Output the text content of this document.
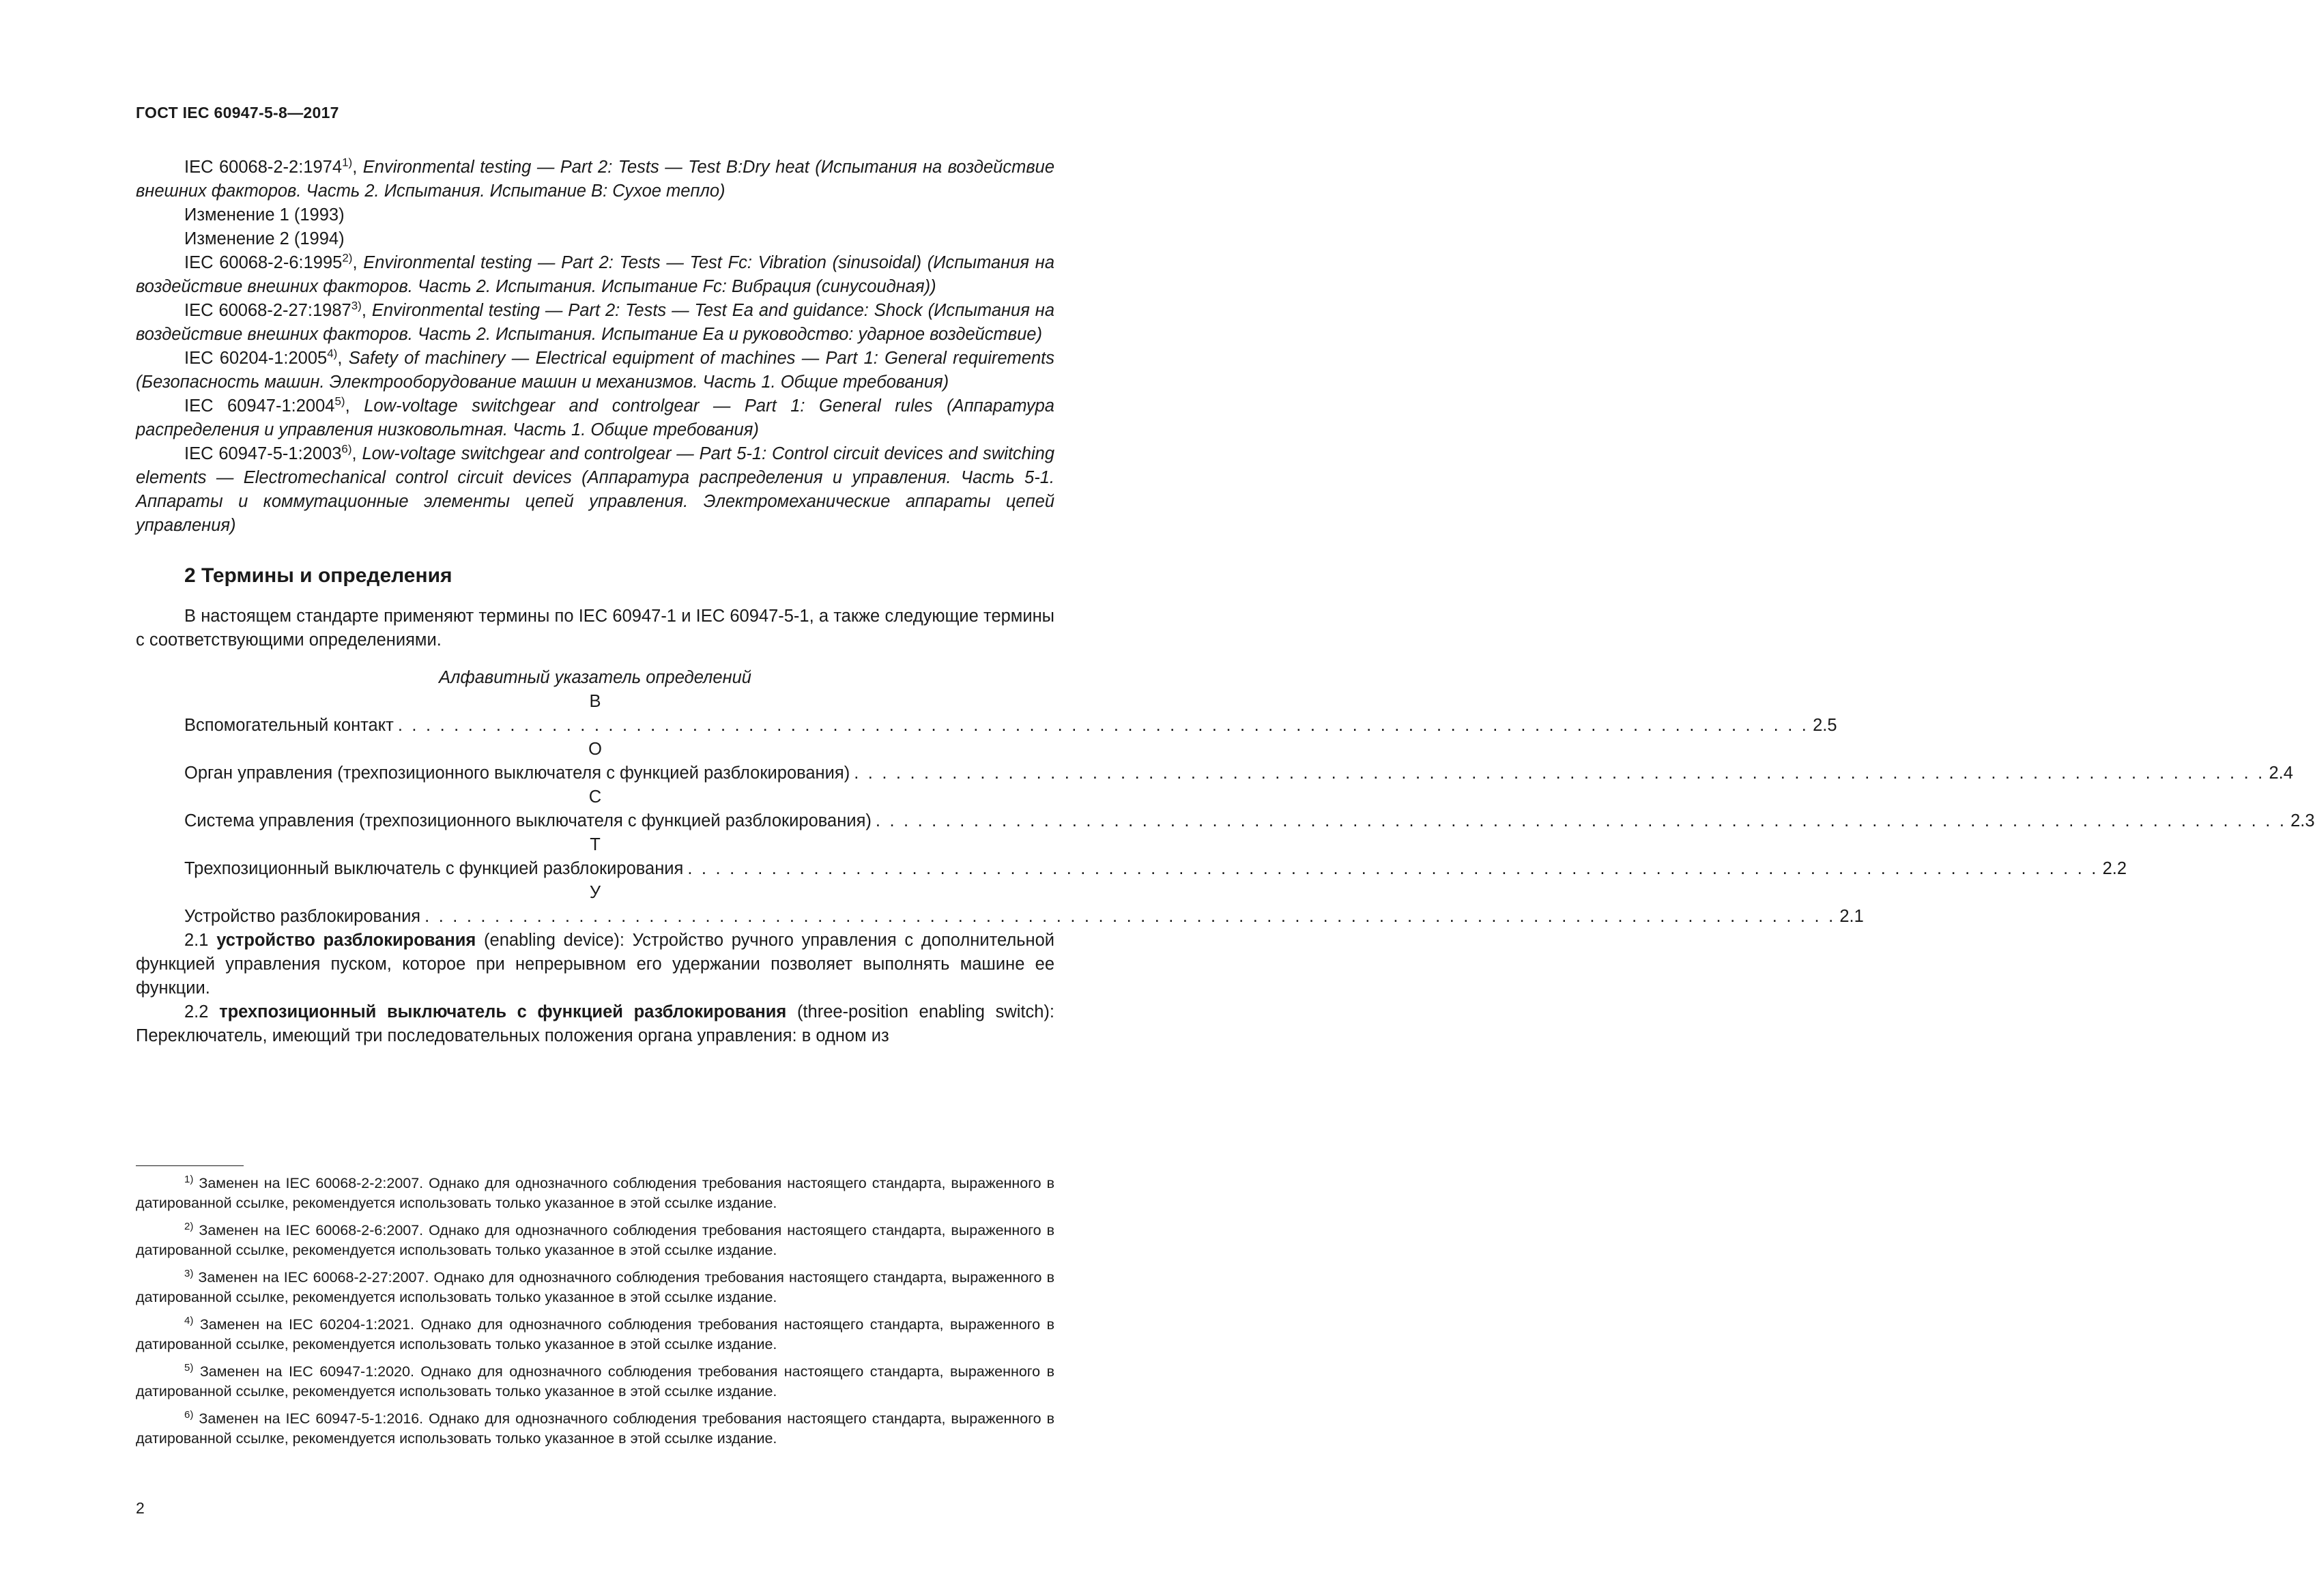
ГОСТ IEC 60947-5-8—2017

IEC 60068-2-2:1974$^{1)}$, Environmental testing — Part 2: Tests — Test B:Dry heat (Испытания на воздействие внешних факторов. Часть 2. Испытания. Испытание В: Сухое тепло)

Изменение 1 (1993)

Изменение 2 (1994)

IEC 60068-2-6:1995$^{2)}$, Environmental testing — Part 2: Tests — Test Fc: Vibration (sinusoidal) (Испытания на воздействие внешних факторов. Часть 2. Испытания. Испытание Fc: Вибрация (синусоидная))

IEC 60068-2-27:1987$^{3)}$, Environmental testing — Part 2: Tests — Test Ea and guidance: Shock (Испытания на воздействие внешних факторов. Часть 2. Испытания. Испытание Еа и руководство: ударное воздействие)

IEC 60204-1:2005$^{4)}$, Safety of machinery — Electrical equipment of machines — Part 1: General requirements (Безопасность машин. Электрооборудование машин и механизмов. Часть 1. Общие требования)

IEC 60947-1:2004$^{5)}$, Low-voltage switchgear and controlgear — Part 1: General rules (Аппаратура распределения и управления низковольтная. Часть 1. Общие требования)

IEC 60947-5-1:2003$^{6)}$, Low-voltage switchgear and controlgear — Part 5-1: Control circuit devices and switching elements — Electromechanical control circuit devices (Аппаратура распределения и управления. Часть 5-1. Аппараты и коммутационные элементы цепей управления. Электромеханические аппараты цепей управления)

2 Термины и определения

В настоящем стандарте применяют термины по IEC 60947-1 и IEC 60947-5-1, а также следующие термины с соответствующими определениями.

Алфавитный указатель определений
В
Вспомогательный контакт . . . . . . . . . . . . . . . . . . . . . . . . . . . . . . . . . . . . . . . . . . . . . . . . . . . . . . . . . . . . . . . . . . . . . . . . . . . . . . . . . . . . . . . . . . . . . . . . . . . . . 2.5
О
Орган управления (трехпозиционного выключателя с функцией разблокирования) . . . . . . . . . . . . . . . . . . . . . . . . . . . . . . . . . . . . . . . . . . . . . . . . . . . . . . . . . . . . . . . . . . . . . . . . . . . . . . . . . . . . . . . . . . . . . . . . . . . . . 2.4
С
Система управления (трехпозиционного выключателя с функцией разблокирования) . . . . . . . . . . . . . . . . . . . . . . . . . . . . . . . . . . . . . . . . . . . . . . . . . . . . . . . . . . . . . . . . . . . . . . . . . . . . . . . . . . . . . . . . . . . . . . . . . . . . . 2.3
Т
Трехпозиционный выключатель с функцией разблокирования . . . . . . . . . . . . . . . . . . . . . . . . . . . . . . . . . . . . . . . . . . . . . . . . . . . . . . . . . . . . . . . . . . . . . . . . . . . . . . . . . . . . . . . . . . . . . . . . . . . . . 2.2
У
Устройство разблокирования . . . . . . . . . . . . . . . . . . . . . . . . . . . . . . . . . . . . . . . . . . . . . . . . . . . . . . . . . . . . . . . . . . . . . . . . . . . . . . . . . . . . . . . . . . . . . . . . . . . . . 2.1

2.1 устройство разблокирования (enabling device): Устройство ручного управления с дополнительной функцией управления пуском, которое при непрерывном его удержании позволяет выполнять машине ее функции.

2.2 трехпозиционный выключатель с функцией разблокирования (three-position enabling switch): Переключатель, имеющий три последовательных положения органа управления: в одном из

$^{1)}$ Заменен на IEC 60068-2-2:2007. Однако для однозначного соблюдения требования настоящего стандарта, выраженного в датированной ссылке, рекомендуется использовать только указанное в этой ссылке издание.

$^{2)}$ Заменен на IEC 60068-2-6:2007. Однако для однозначного соблюдения требования настоящего стандарта, выраженного в датированной ссылке, рекомендуется использовать только указанное в этой ссылке издание.

$^{3)}$ Заменен на IEC 60068-2-27:2007. Однако для однозначного соблюдения требования настоящего стандарта, выраженного в датированной ссылке, рекомендуется использовать только указанное в этой ссылке издание.

$^{4)}$ Заменен на IEC 60204-1:2021. Однако для однозначного соблюдения требования настоящего стандарта, выраженного в датированной ссылке, рекомендуется использовать только указанное в этой ссылке издание.

$^{5)}$ Заменен на IEC 60947-1:2020. Однако для однозначного соблюдения требования настоящего стандарта, выраженного в датированной ссылке, рекомендуется использовать только указанное в этой ссылке издание.

$^{6)}$ Заменен на IEC 60947-5-1:2016. Однако для однозначного соблюдения требования настоящего стандарта, выраженного в датированной ссылке, рекомендуется использовать только указанное в этой ссылке издание.

2
